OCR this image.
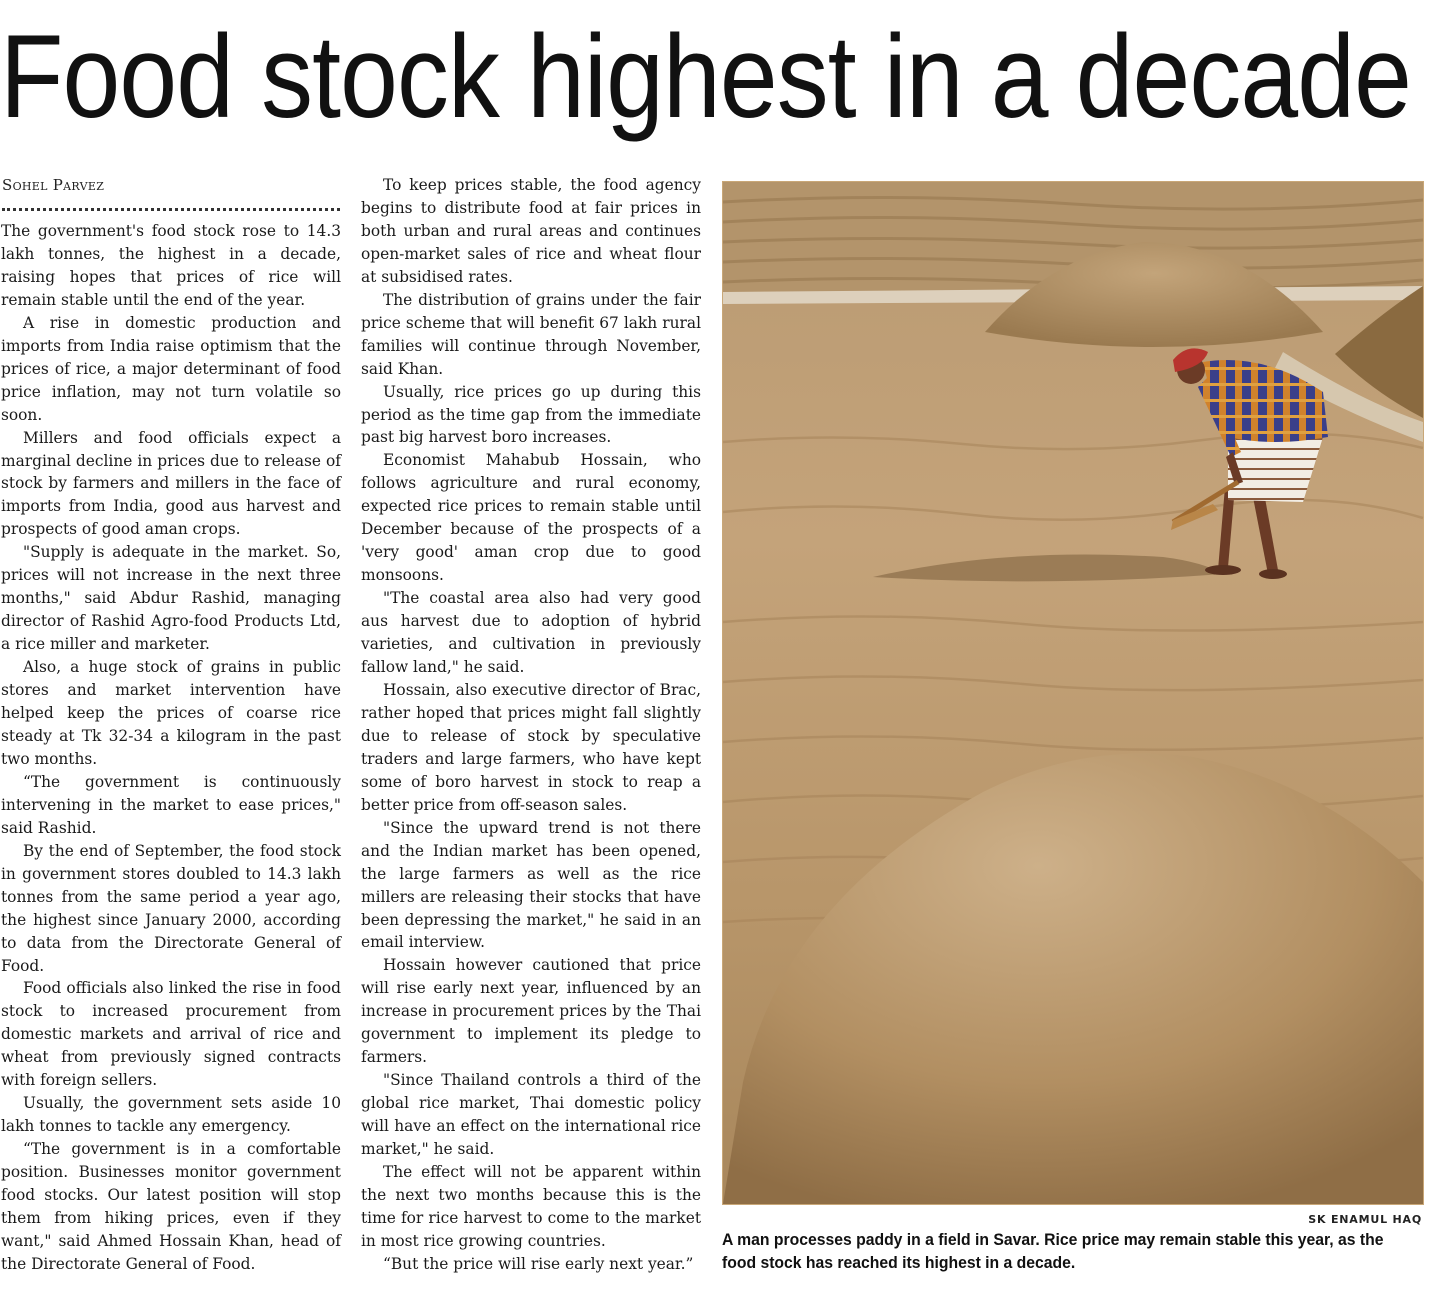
Food stock highest in a decade
Sohel Parvez

The government's food stock rose to 14.3 lakh tonnes, the highest in a decade, raising hopes that prices of rice will remain stable until the end of the year.

A rise in domestic production and imports from India raise optimism that the prices of rice, a major determinant of food price inflation, may not turn volatile so soon.

Millers and food officials expect a marginal decline in prices due to release of stock by farmers and millers in the face of imports from India, good aus harvest and prospects of good aman crops.

"Supply is adequate in the market. So, prices will not increase in the next three months," said Abdur Rashid, managing director of Rashid Agro-food Products Ltd, a rice miller and marketer.

Also, a huge stock of grains in public stores and market intervention have helped keep the prices of coarse rice steady at Tk 32-34 a kilogram in the past two months.

“The government is continuously intervening in the market to ease prices," said Rashid.

By the end of September, the food stock in government stores doubled to 14.3 lakh tonnes from the same period a year ago, the highest since January 2000, according to data from the Directorate General of Food.

Food officials also linked the rise in food stock to increased procurement from domestic markets and arrival of rice and wheat from previously signed contracts with foreign sellers.

Usually, the government sets aside 10 lakh tonnes to tackle any emergency.

“The government is in a comfortable position. Businesses monitor government food stocks. Our latest position will stop them from hiking prices, even if they want," said Ahmed Hossain Khan, head of the Directorate General of Food.

To keep prices stable, the food agency begins to distribute food at fair prices in both urban and rural areas and continues open-market sales of rice and wheat flour at subsidised rates.

The distribution of grains under the fair price scheme that will benefit 67 lakh rural families will continue through November, said Khan.

Usually, rice prices go up during this period as the time gap from the immediate past big harvest boro increases.

Economist Mahabub Hossain, who follows agriculture and rural economy, expected rice prices to remain stable until December because of the prospects of a 'very good' aman crop due to good monsoons.

"The coastal area also had very good aus harvest due to adoption of hybrid varieties, and cultivation in previously fallow land," he said.

Hossain, also executive director of Brac, rather hoped that prices might fall slightly due to release of stock by speculative traders and large farmers, who have kept some of boro harvest in stock to reap a better price from off-season sales.

"Since the upward trend is not there and the Indian market has been opened, the large farmers as well as the rice millers are releasing their stocks that have been depressing the market," he said in an email interview.

Hossain however cautioned that price will rise early next year, influenced by an increase in procurement prices by the Thai government to implement its pledge to farmers.

"Since Thailand controls a third of the global rice market, Thai domestic policy will have an effect on the international rice market," he said.

The effect will not be apparent within the next two months because this is the time for rice harvest to come to the market in most rice growing countries.

“But the price will rise early next year.”

SK ENAMUL HAQ
A man processes paddy in a field in Savar. Rice price may remain stable this year, as the food stock has reached its highest in a decade.
